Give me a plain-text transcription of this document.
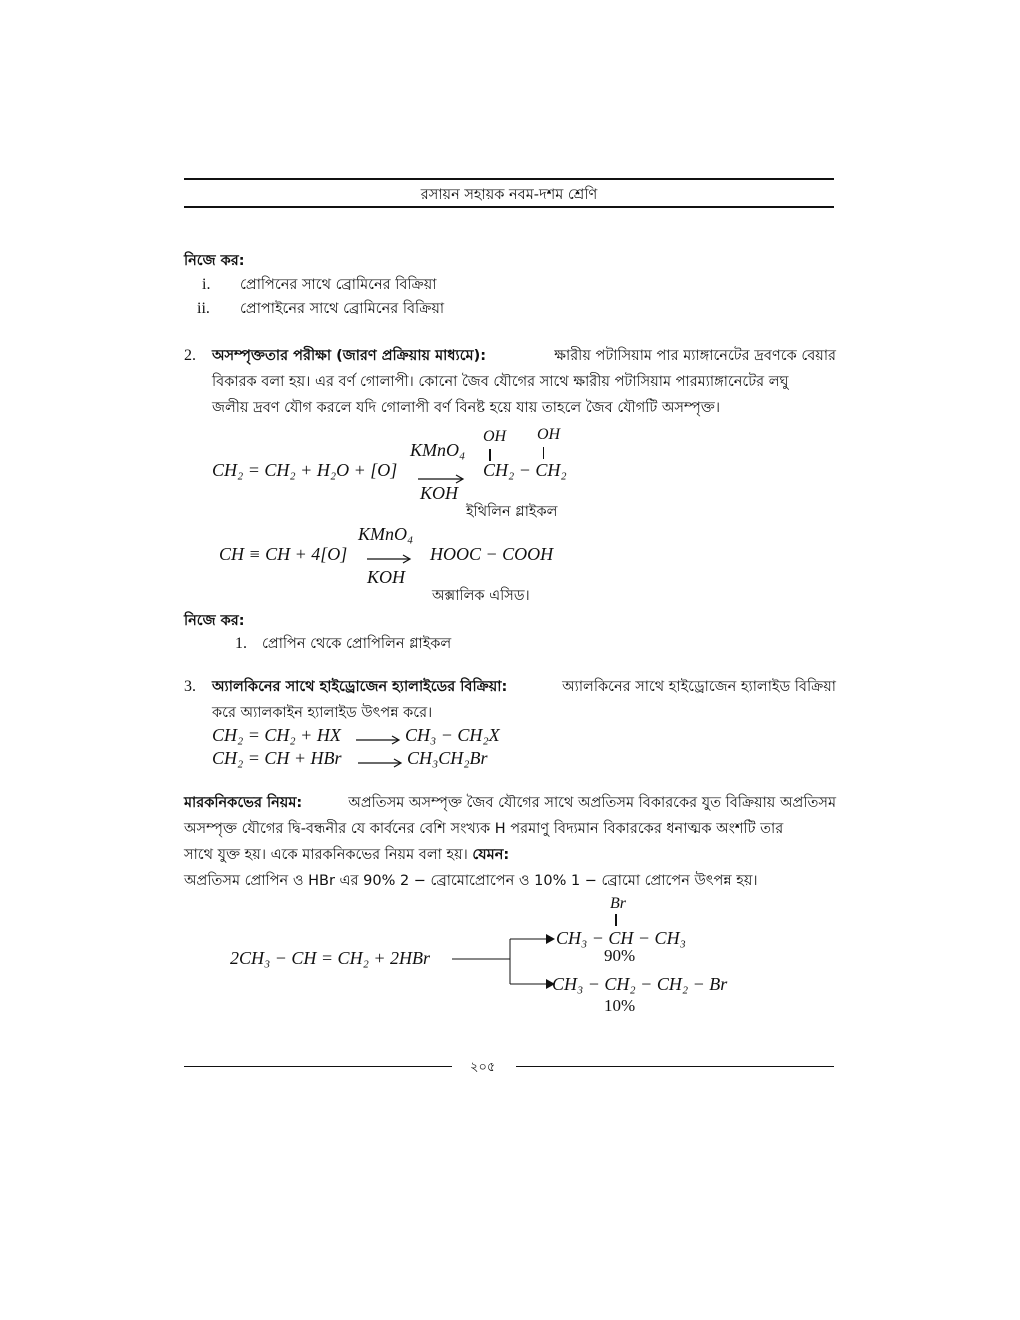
রসায়ন সহায়ক নবম-দশম শ্রেণি
নিজে কর:
i. প্রোপিনের সাথে ব্রোমিনের বিক্রিয়া
ii. প্রোপাইনের সাথে ব্রোমিনের বিক্রিয়া
2. অসম্পৃক্ততার পরীক্ষা (জারণ প্রক্রিয়ায় মাধ্যমে):	ক্ষারীয় পটাসিয়াম পার ম্যাঙ্গানেটের দ্রবণকে বেয়ার
বিকারক বলা হয়। এর বর্ণ গোলাপী। কোনো জৈব যৌগের সাথে ক্ষারীয় পটাসিয়াম পারম্যাঙ্গানেটের লঘু
জলীয় দ্রবণ যৌগ করলে যদি গোলাপী বর্ণ বিনষ্ট হয়ে যায় তাহলে জৈব যৌগটি অসম্পৃক্ত।
CH₂ = CH₂ + H₂O + [O]
KMnO₄
KOH
OH OH
CH₂ − CH₂
ইথিলিন গ্লাইকল
KMnO₄
CH ≡ CH + 4[O] → HOOC − COOH
KOH
অক্সালিক এসিড।
নিজে কর:
1. প্রোপিন থেকে প্রোপিলিন গ্লাইকল
3. অ্যালকিনের সাথে হাইড্রোজেন হ্যালাইডের বিক্রিয়া:	অ্যালকিনের সাথে হাইড্রোজেন হ্যালাইড বিক্রিয়া
করে অ্যালকাইন হ্যালাইড উৎপন্ন করে।
CH₂ = CH₂ + HX	CH₃ − CH₂X
CH₂ = CH + HBr	CH₃CH₂Br
মারকনিকভের নিয়ম:	অপ্রতিসম অসম্পৃক্ত জৈব যৌগের সাথে অপ্রতিসম বিকারকের যুত বিক্রিয়ায় অপ্রতিসম
অসম্পৃক্ত যৌগের দ্বি-বন্ধনীর যে কার্বনের বেশি সংখ্যক H পরমাণু বিদ্যমান বিকারকের ধনাত্মক অংশটি তার
সাথে যুক্ত হয়। একে মারকনিকভের নিয়ম বলা হয়। যেমন:
অপ্রতিসম প্রোপিন ও HBr এর 90% 2 − ব্রোমোপ্রোপেন ও 10% 1 − ব্রোমো প্রোপেন উৎপন্ন হয়।
2CH₃ − CH = CH₂ + 2HBr
Br
CH₃ − CH − CH₃
90%
CH₃ − CH₂ − CH₂ − Br
10%
২০৫
